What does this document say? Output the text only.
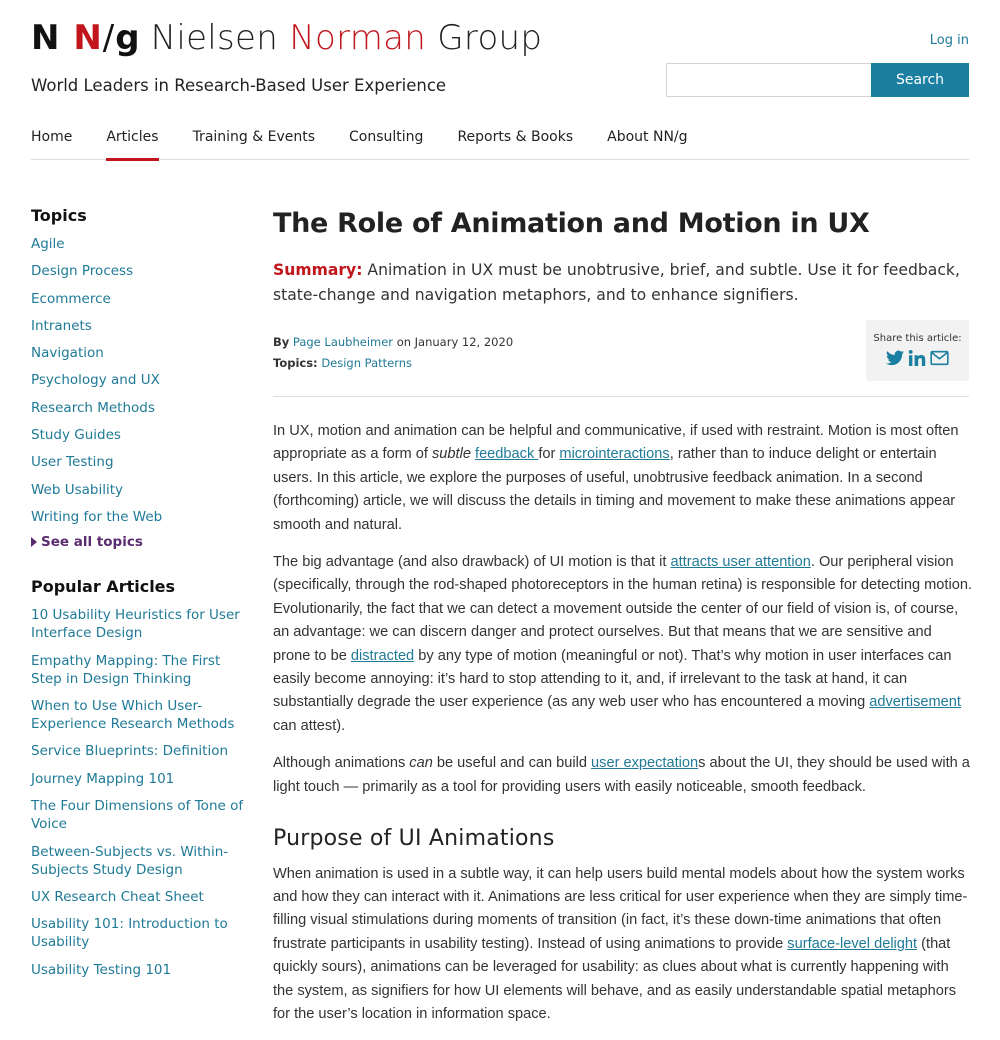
N N/g Nielsen Norman Group
World Leaders in Research-Based User Experience
Log in
Search
Home Articles Training & Events Consulting Reports & Books About NN/g
Topics
Agile
Design Process
Ecommerce
Intranets
Navigation
Psychology and UX
Research Methods
Study Guides
User Testing
Web Usability
Writing for the Web
See all topics
Popular Articles
10 Usability Heuristics for User Interface Design
Empathy Mapping: The First Step in Design Thinking
When to Use Which User-Experience Research Methods
Service Blueprints: Definition
Journey Mapping 101
The Four Dimensions of Tone of Voice
Between-Subjects vs. Within-Subjects Study Design
UX Research Cheat Sheet
Usability 101: Introduction to Usability
Usability Testing 101
The Role of Animation and Motion in UX

Summary: Animation in UX must be unobtrusive, brief, and subtle. Use it for feedback, state-change and navigation metaphors, and to enhance signifiers.

By Page Laubheimer on January 12, 2020
Topics: Design Patterns
Share this article:

In UX, motion and animation can be helpful and communicative, if used with restraint. Motion is most often appropriate as a form of subtle feedback for microinteractions, rather than to induce delight or entertain users. In this article, we explore the purposes of useful, unobtrusive feedback animation. In a second (forthcoming) article, we will discuss the details in timing and movement to make these animations appear smooth and natural.

The big advantage (and also drawback) of UI motion is that it attracts user attention. Our peripheral vision (specifically, through the rod-shaped photoreceptors in the human retina) is responsible for detecting motion. Evolutionarily, the fact that we can detect a movement outside the center of our field of vision is, of course, an advantage: we can discern danger and protect ourselves. But that means that we are sensitive and prone to be distracted by any type of motion (meaningful or not). That’s why motion in user interfaces can easily become annoying: it’s hard to stop attending to it, and, if irrelevant to the task at hand, it can substantially degrade the user experience (as any web user who has encountered a moving advertisement can attest).

Although animations can be useful and can build user expectations about the UI, they should be used with a light touch — primarily as a tool for providing users with easily noticeable, smooth feedback.

Purpose of UI Animations

When animation is used in a subtle way, it can help users build mental models about how the system works and how they can interact with it. Animations are less critical for user experience when they are simply time-filling visual stimulations during moments of transition (in fact, it’s these down-time animations that often frustrate participants in usability testing). Instead of using animations to provide surface-level delight (that quickly sours), animations can be leveraged for usability: as clues about what is currently happening with the system, as signifiers for how UI elements will behave, and as easily understandable spatial metaphors for the user’s location in information space.
